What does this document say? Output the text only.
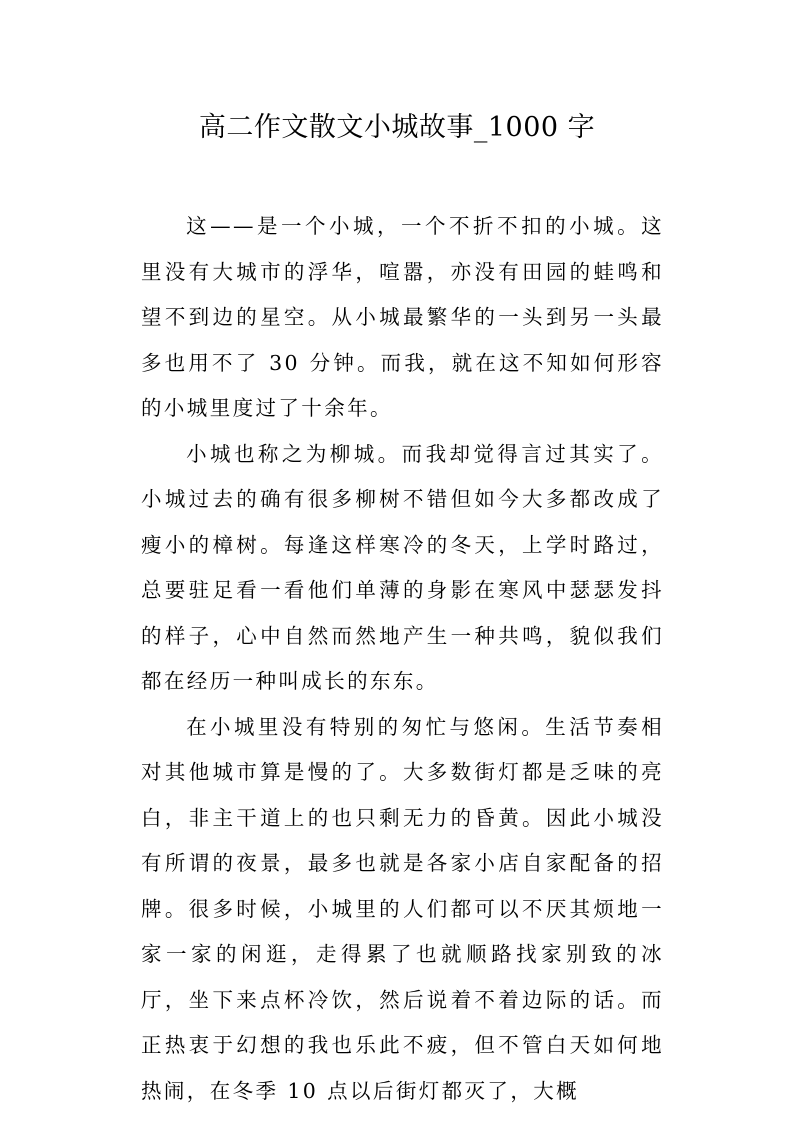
高二作文散文小城故事_1000 字

这——是一个小城，一个不折不扣的小城。这里没有大城市的浮华，喧嚣，亦没有田园的蛙鸣和望不到边的星空。从小城最繁华的一头到另一头最多也用不了 30 分钟。而我，就在这不知如何形容的小城里度过了十余年。

小城也称之为柳城。而我却觉得言过其实了。小城过去的确有很多柳树不错但如今大多都改成了瘦小的樟树。每逢这样寒冷的冬天，上学时路过，总要驻足看一看他们单薄的身影在寒风中瑟瑟发抖的样子，心中自然而然地产生一种共鸣，貌似我们都在经历一种叫成长的东东。

在小城里没有特别的匆忙与悠闲。生活节奏相对其他城市算是慢的了。大多数街灯都是乏味的亮白，非主干道上的也只剩无力的昏黄。因此小城没有所谓的夜景，最多也就是各家小店自家配备的招牌。很多时候，小城里的人们都可以不厌其烦地一家一家的闲逛，走得累了也就顺路找家别致的冰厅，坐下来点杯冷饮，然后说着不着边际的话。而正热衷于幻想的我也乐此不疲，但不管白天如何地热闹，在冬季 10 点以后街灯都灭了，大概
